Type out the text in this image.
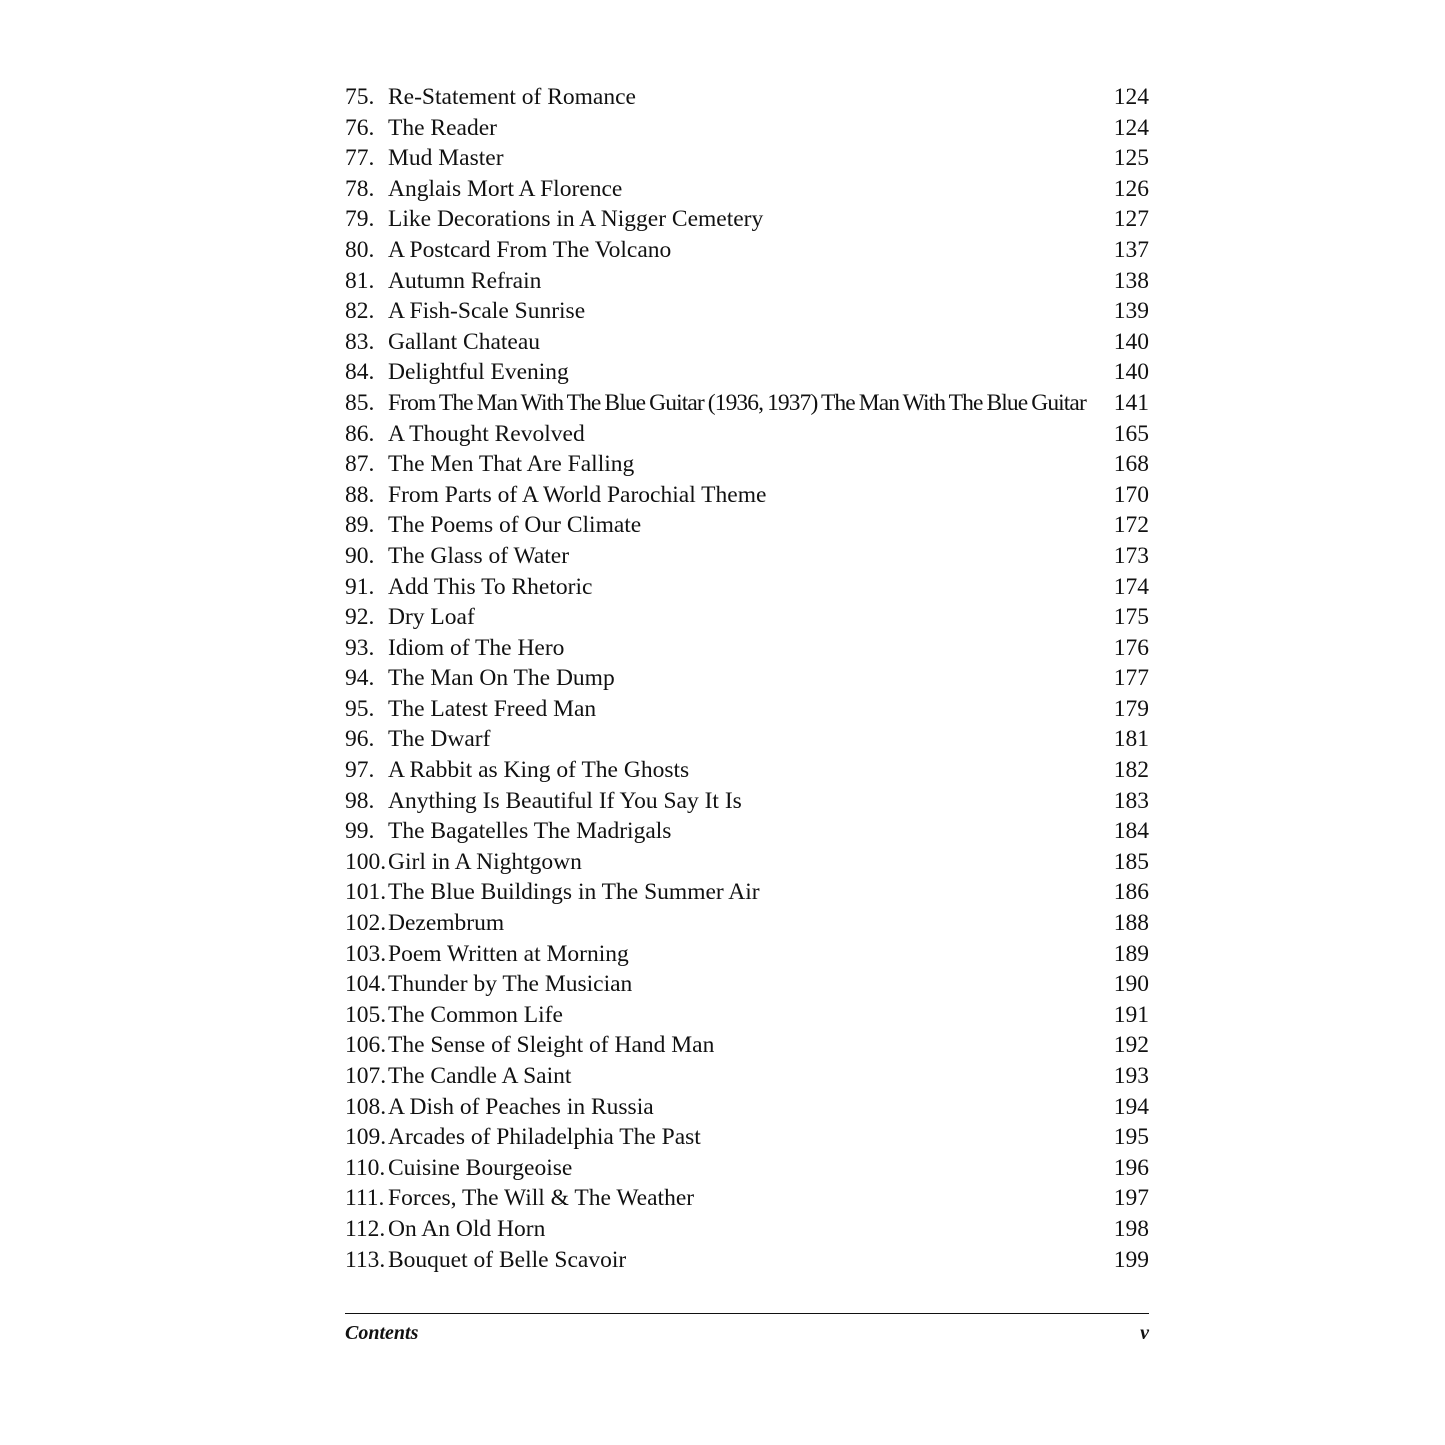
75. Re-Statement of Romance	124
76. The Reader	124
77. Mud Master	125
78. Anglais Mort A Florence	126
79. Like Decorations in A Nigger Cemetery	127
80. A Postcard From The Volcano	137
81. Autumn Refrain	138
82. A Fish-Scale Sunrise	139
83. Gallant Chateau	140
84. Delightful Evening	140
85. From The Man With The Blue Guitar (1936, 1937) The Man With The Blue Guitar	141
86. A Thought Revolved	165
87. The Men That Are Falling	168
88. From Parts of A World Parochial Theme	170
89. The Poems of Our Climate	172
90. The Glass of Water	173
91. Add This To Rhetoric	174
92. Dry Loaf	175
93. Idiom of The Hero	176
94. The Man On The Dump	177
95. The Latest Freed Man	179
96. The Dwarf	181
97. A Rabbit as King of The Ghosts	182
98. Anything Is Beautiful If You Say It Is	183
99. The Bagatelles The Madrigals	184
100. Girl in A Nightgown	185
101. The Blue Buildings in The Summer Air	186
102. Dezembrum	188
103. Poem Written at Morning	189
104. Thunder by The Musician	190
105. The Common Life	191
106. The Sense of Sleight of Hand Man	192
107. The Candle A Saint	193
108. A Dish of Peaches in Russia	194
109. Arcades of Philadelphia The Past	195
110. Cuisine Bourgeoise	196
111. Forces, The Will & The Weather	197
112. On An Old Horn	198
113. Bouquet of Belle Scavoir	199
Contents	v
